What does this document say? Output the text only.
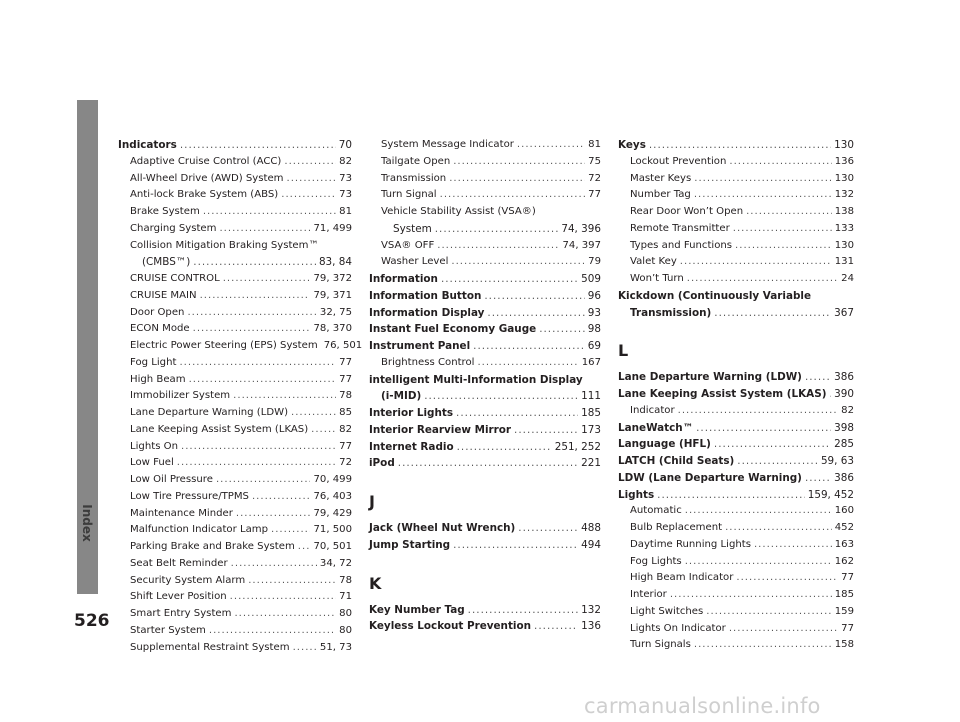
Index
Indicators .....	70
Adaptive Cruise Control (ACC) .....	82
All-Wheel Drive (AWD) System .....	73
Anti-lock Brake System (ABS) .....	73
Brake System .....	81
Charging System .....	71, 499
Collision Mitigation Braking System™
(CMBS™) .....	83, 84
CRUISE CONTROL .....	79, 372
CRUISE MAIN .....	79, 371
Door Open .....	32, 75
ECON Mode .....	78, 370
Electric Power Steering (EPS) System 76, 501
Fog Light .....	77
High Beam .....	77
Immobilizer System .....	78
Lane Departure Warning (LDW) .....	85
Lane Keeping Assist System (LKAS) .....	82
Lights On .....	77
Low Fuel .....	72
Low Oil Pressure .....	70, 499
Low Tire Pressure/TPMS .....	76, 403
Maintenance Minder .....	79, 429
Malfunction Indicator Lamp .....	71, 500
Parking Brake and Brake System ..... 70, 501
Seat Belt Reminder .....	34, 72
Security System Alarm .....	78
Shift Lever Position .....	71
Smart Entry System .....	80
Starter System .....	80
Supplemental Restraint System .....	51, 73
System Message Indicator .....	81
Tailgate Open .....	75
Transmission .....	72
Turn Signal .....	77
Vehicle Stability Assist (VSA®)
System .....	74, 396
VSA® OFF .....	74, 397
Washer Level .....	79
Information .....	509
Information Button .....	96
Information Display .....	93
Instant Fuel Economy Gauge .....	98
Instrument Panel .....	69
Brightness Control .....	167
intelligent Multi-Information Display
(i-MID) .....	111
Interior Lights .....	185
Interior Rearview Mirror .....	173
Internet Radio .....	251, 252
iPod .....	221
J
Jack (Wheel Nut Wrench) .....	488
Jump Starting .....	494
K
Key Number Tag .....	132
Keyless Lockout Prevention .....	136
Keys .....	130
Lockout Prevention .....	136
Master Keys .....	130
Number Tag .....	132
Rear Door Won’t Open .....	138
Remote Transmitter .....	133
Types and Functions .....	130
Valet Key .....	131
Won’t Turn .....	24
Kickdown (Continuously Variable
Transmission) .....	367
L
Lane Departure Warning (LDW) .....	386
Lane Keeping Assist System (LKAS) ..... 390
Indicator .....	82
LaneWatch™ .....	398
Language (HFL) .....	285
LATCH (Child Seats) .....	59, 63
LDW (Lane Departure Warning) .....	386
Lights .....	159, 452
Automatic .....	160
Bulb Replacement .....	452
Daytime Running Lights .....	163
Fog Lights .....	162
High Beam Indicator .....	77
Interior .....	185
Light Switches .....	159
Lights On Indicator .....	77
Turn Signals .....	158
526
carmanualsonline.info
